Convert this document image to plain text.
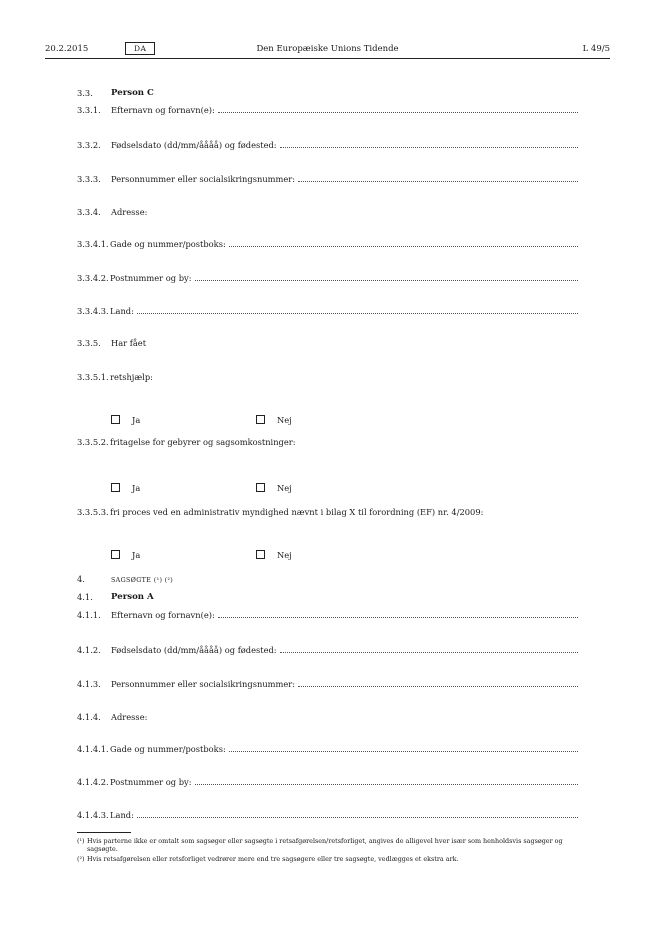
20.2.2015	DA	Den Europæiske Unions Tidende	L 49/5
3.3. Person C
3.3.1. Efternavn og fornavn(e):
3.3.2. Fødselsdato (dd/mm/åååå) og fødested:
3.3.3. Personnummer eller socialsikringsnummer:
3.3.4. Adresse:
3.3.4.1. Gade og nummer/postboks:
3.3.4.2. Postnummer og by:
3.3.4.3. Land:
3.3.5. Har fået
3.3.5.1. retshjælp:
Ja	Nej
3.3.5.2. fritagelse for gebyrer og sagsomkostninger:
Ja	Nej
3.3.5.3. fri proces ved en administrativ myndighed nævnt i bilag X til forordning (EF) nr. 4/2009:
Ja	Nej
4.	SAGSØGTE (¹) (²)
4.1. Person A
4.1.1. Efternavn og fornavn(e):
4.1.2. Fødselsdato (dd/mm/åååå) og fødested:
4.1.3. Personnummer eller socialsikringsnummer:
4.1.4. Adresse:
4.1.4.1. Gade og nummer/postboks:
4.1.4.2. Postnummer og by:
4.1.4.3. Land:
(¹) Hvis parterne ikke er omtalt som sagsøger eller sagsøgte i retsafgørelsen/retsforliget, angives de alligevel hver især som henholdsvis sagsøger og sagsøgte.
(²) Hvis retsafgørelsen eller retsforliget vedrører mere end tre sagsøgere eller tre sagsøgte, vedlægges et ekstra ark.
